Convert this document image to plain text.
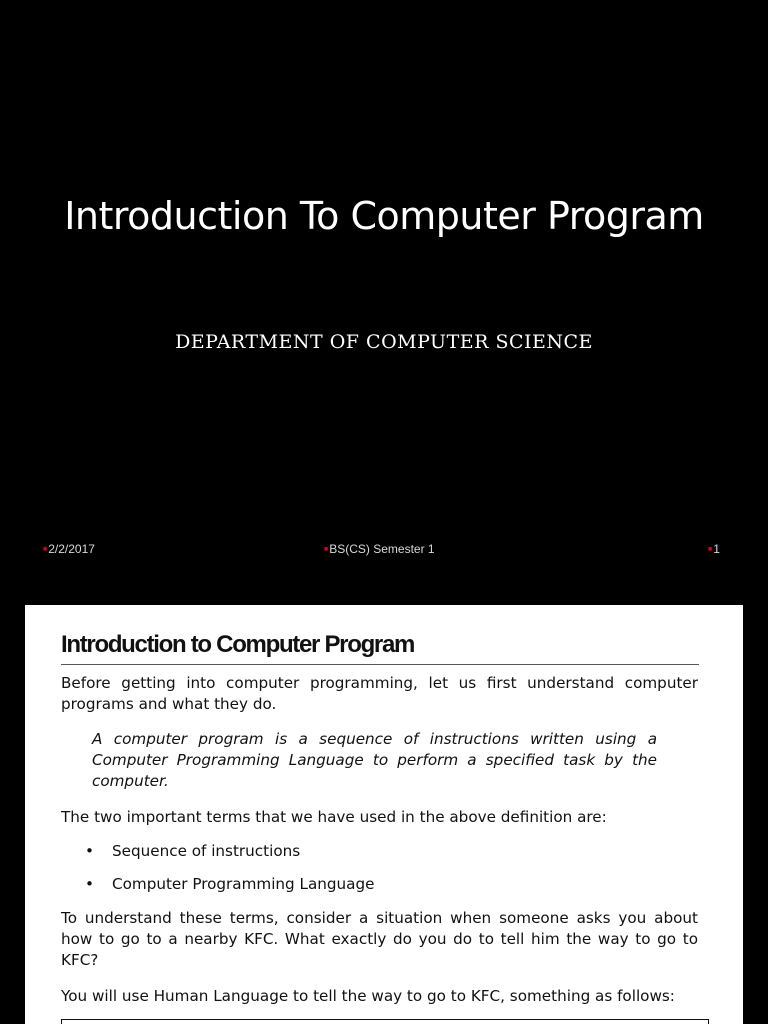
Introduction To Computer Program

DEPARTMENT OF COMPUTER SCIENCE

■2/2/2017	■BS(CS) Semester 1	■1
Introduction to Computer Program

Before getting into computer programming, let us first understand computer programs and what they do.

A computer program is a sequence of instructions written using a Computer Programming Language to perform a specified task by the computer.

The two important terms that we have used in the above definition are:

• Sequence of instructions
• Computer Programming Language

To understand these terms, consider a situation when someone asks you about how to go to a nearby KFC. What exactly do you do to tell him the way to go to KFC?

You will use Human Language to tell the way to go to KFC, something as follows:
